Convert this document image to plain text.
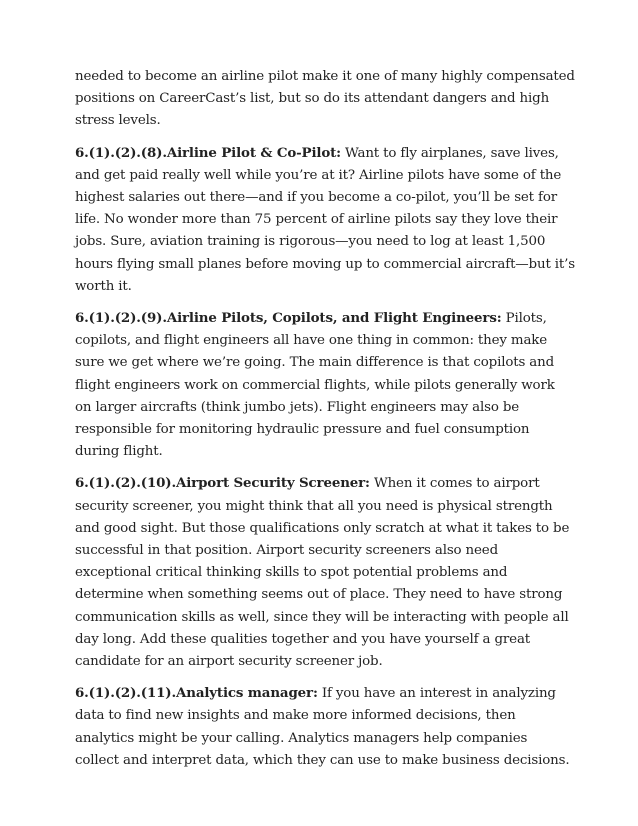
needed to become an airline pilot make it one of many highly compensated positions on CareerCast’s list, but so do its attendant dangers and high stress levels.

6.(1).(2).(8).Airline Pilot & Co-Pilot: Want to fly airplanes, save lives, and get paid really well while you’re at it? Airline pilots have some of the highest salaries out there—and if you become a co-pilot, you’ll be set for life. No wonder more than 75 percent of airline pilots say they love their jobs. Sure, aviation training is rigorous—you need to log at least 1,500 hours flying small planes before moving up to commercial aircraft—but it’s worth it.

6.(1).(2).(9).Airline Pilots, Copilots, and Flight Engineers: Pilots, copilots, and flight engineers all have one thing in common: they make sure we get where we’re going. The main difference is that copilots and flight engineers work on commercial flights, while pilots generally work on larger aircrafts (think jumbo jets). Flight engineers may also be responsible for monitoring hydraulic pressure and fuel consumption during flight.

6.(1).(2).(10).Airport Security Screener: When it comes to airport security screener, you might think that all you need is physical strength and good sight. But those qualifications only scratch at what it takes to be successful in that position. Airport security screeners also need exceptional critical thinking skills to spot potential problems and determine when something seems out of place. They need to have strong communication skills as well, since they will be interacting with people all day long. Add these qualities together and you have yourself a great candidate for an airport security screener job.

6.(1).(2).(11).Analytics manager: If you have an interest in analyzing data to find new insights and make more informed decisions, then analytics might be your calling. Analytics managers help companies collect and interpret data, which they can use to make business decisions.
